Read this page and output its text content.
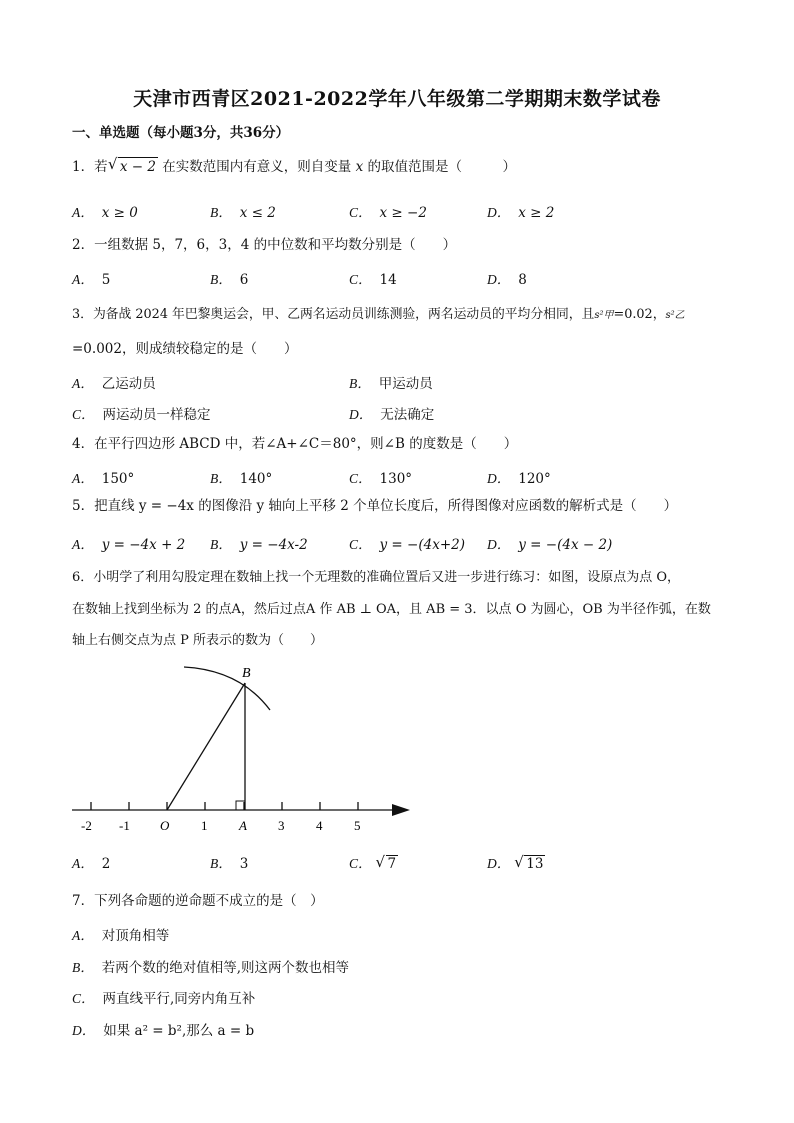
天津市西青区2021-2022学年八年级第二学期期末数学试卷
一、单选题（每小题3分，共36分）
1．若 √ x − 2 在实数范围内有意义，则自变量 x 的取值范围是（　　　）
A． x ≥ 0	B． x ≤ 2	C． x ≥ −2	D． x ≥ 2
2．一组数据 5，7，6，3，4 的中位数和平均数分别是（　　）
A． 5	B． 6	C． 14	D． 8
3．为备战 2024 年巴黎奥运会，甲、乙两名运动员训练测验，两名运动员的平均分相同，且s²甲=0.02，s²乙
=0.002，则成绩较稳定的是（　　）
A． 乙运动员	B． 甲运动员
C． 两运动员一样稳定	D． 无法确定
4．在平行四边形 ABCD 中，若∠A+∠C＝80°，则∠B 的度数是（　　）
A． 150°	B． 140°	C． 130°	D． 120°
5．把直线 y = −4x 的图像沿 y 轴向上平移 2 个单位长度后，所得图像对应函数的解析式是（　　）
A． y = −4x + 2 B． y = −4x-2	C． y = −(4x+2) D． y = −(4x − 2)
6．小明学了利用勾股定理在数轴上找一个无理数的准确位置后又进一步进行练习：如图，设原点为点 O，
在数轴上找到坐标为 2 的点A，然后过点A 作 AB ⊥ OA，且 AB = 3．以点 O 为圆心，OB 为半径作弧，在数
轴上右侧交点为点 P 所表示的数为（　　）
B
-2 -1 O 1 A 3 4 5
A． 2	B． 3	C． √ 7	D． √ 13
7．下列各命题的逆命题不成立的是（　）
A． 对顶角相等
B． 若两个数的绝对值相等,则这两个数也相等
C． 两直线平行,同旁内角互补
D． 如果 a² = b²,那么 a = b
